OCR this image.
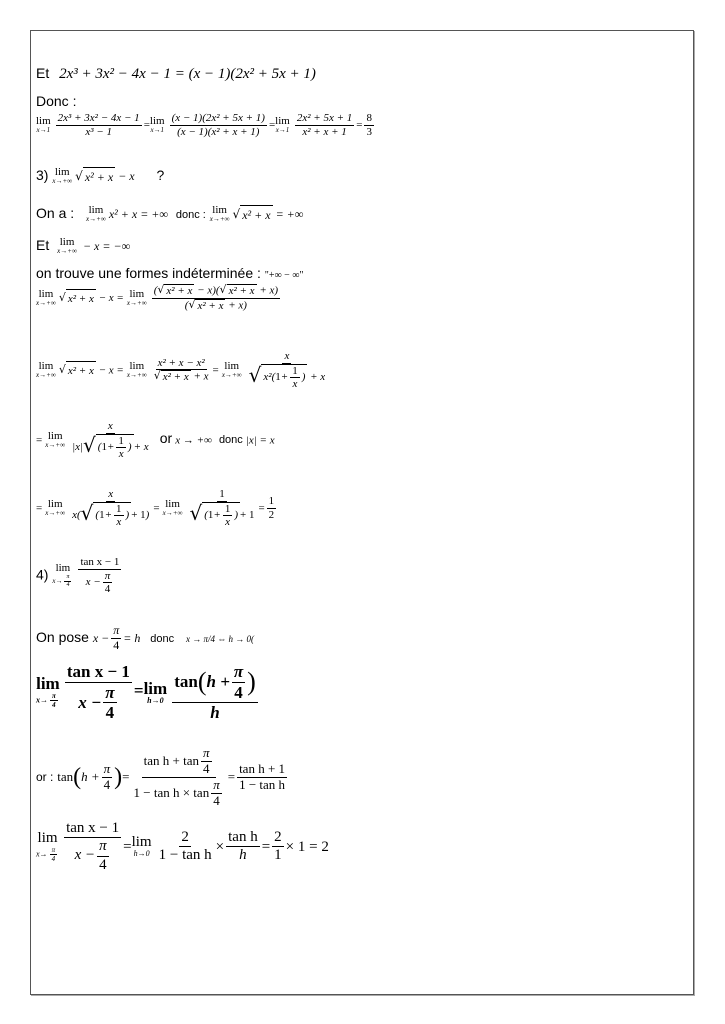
Et 2x³ + 3x² − 4x − 1 = (x − 1)(2x² + 5x + 1)
Donc :
lim
$x\to 1 \frac{\text{2x³ + 3x² − 4x − 1}}{\text{x³ − 1}} = \lim$
$x\to 1 \frac{\text{(x − 1)(2x² + 5x + 1)}}{\text{(x − 1)(x² + x + 1)}} = \lim$
$x\to 1 \frac{\text{2x² + 5x + 1}}{\text{x² + x + 1}} = \frac{8}{3}$
3) lim
x→+∞ √ x² + x − x ?
On a : lim
x→+∞ x² + x = +∞ donc : lim
x→+∞ √ x² + x = +∞
Et lim
x→+∞ − x = −∞
on trouve une formes indéterminée : "+∞ − ∞"
lim
x→+∞ √ x² + x − x = lim
$x\to+\infty \frac{\text{( √ x² + x − x)( √ x² + x + x)}}{\text{( √ x² + x + x)}}$
lim
x→+∞ √ x² + x − x = lim
$x\to+\infty \frac{\text{x² + x − x²}}{\text{√ x² + x + x}} = \lim$
$x\to+\infty \frac{x}{√ x^2 ( 1 + \frac{1}{x} ) + x}$
= lim
$x\to+\infty \frac{x}{|x| √ ( 1 + \frac{1}{x} ) + x}$ or x → +∞ donc |x| = x
= lim
$x\to+\infty \frac{x}{x ( √ ( 1 + \frac{1}{x} ) + 1 )} = \lim$
x→+∞ 1
√ ( 1 +
1
x
) + $1 = \frac{1}{2}$
4) lim
$x\to \frac{\pi}{4} \frac{\text{tan x − 1}}{x - \frac{\pi}{4}}$
On pose $x - \frac{\pi}{4} = h$ donc x → π/4 ⇔ h → 0(
lim
$x\to \frac{\pi}{4} \frac{\text{tan x − 1}}{x - \frac{\pi}{4}} = \lim$
$h\to 0 \frac{\tan ( h + \frac{\pi}{4} )}{h}$
or : tan ( $h + \frac{\pi}{4}$ ) = $\frac{\tan h + \tan \frac{\pi}{4}}{1 - \tan h \times \tan \frac{\pi}{4}} = \frac{\text{tan h + 1}}{\text{1 − tan h}}$
lim
$x\to \frac{\pi}{4} \frac{\text{tan x − 1}}{x - \frac{\pi}{4}} = \lim$
$h\to 0 \frac{2}{\text{1 − tan h}} \times \frac{\text{tan h}}{h} = \frac{2}{1} \times 1 = 2$
